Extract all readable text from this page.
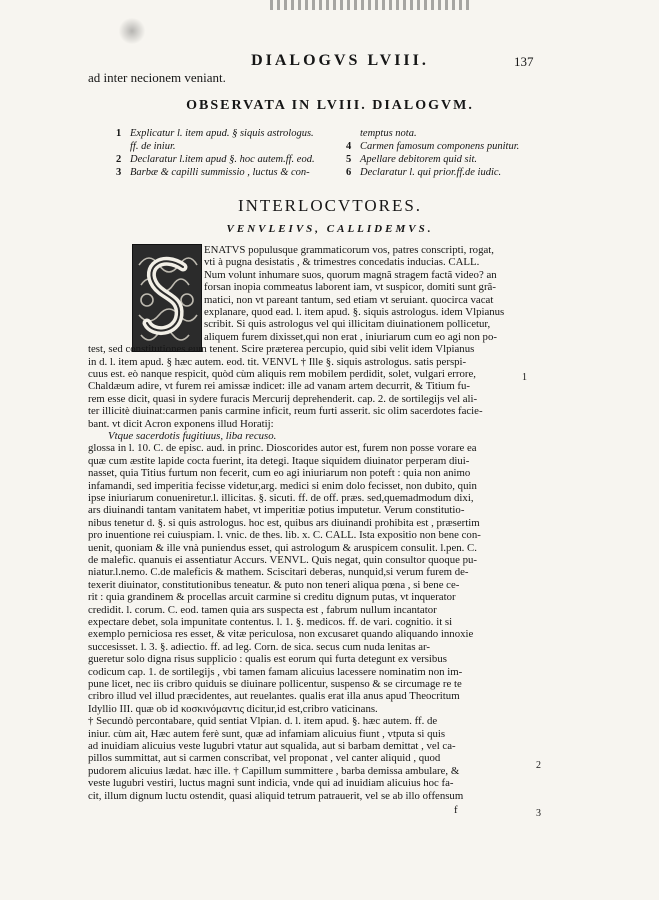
DIALOGVS LVIII.	137
ad inter necionem veniant.
OBSERVATA IN LVIII. DIALOGVM.
1 Explicatur l. item apud. § siquis astrologus.
ff. de iniur.
2 Declaratur l.item apud §. hoc autem.ff. eod.
3 Barbæ & capilli summissio , luctus & con-
temptus nota.
4 Carmen famosum componens punitur.
5 Apellare debitorem quid sit.
6 Declaratur l. qui prior.ff.de iudic.
INTERLOCVTORES.
VENVLEIVS, CALLIDEMVS.
ENATVS populusque grammaticorum vos, patres conscripti, rogat,
vti à pugna desistatis , & trimestres concedatis inducias. CALL.
Num volunt inhumare suos, quorum magnã stragem factã video? an
forsan inopia commeatus laborent iam, vt suspicor, domiti sunt grã-
matici, non vt pareant tantum, sed etiam vt seruiant. quocirca vacat
explanare, quod ead. l. item apud. §. siquis astrologus. idem Vlpianus
scribit. Si quis astrologus vel qui illicitam diuinationem pollicetur,
aliquem furem dixisset,qui non erat , iniuriarum cum eo agi non po-
test, sed constitutiones eum tenent. Scire præterea percupio, quid sibi velit idem Vlpianus
in d. l. item apud. § hæc autem. eod. tit. VENVL † Ille §. siquis astrologus. satis perspi-
cuus est. eò nanque respicit, quòd cùm aliquis rem mobilem perdidit, solet, vulgari errore,
Chaldæum adire, vt furem rei amissæ indicet: ille ad vanam artem decurrit, & Titium fu-
rem esse dicit, quasi in sydere furacis Mercurij deprehenderit. cap. 2. de sortilegijs vel ali-
ter illicitè diuinat:carmen panis carmine inficit, reum furti asserit. sic olim sacerdotes facie-
bant. vt dicit Acron exponens illud Horatij:
Vtque sacerdotis fugitiuus, liba recuso.
glossa in l. 10. C. de episc. aud. in princ. Dioscorides autor est, furem non posse vorare ea
quæ cum æstite lapide cocta fuerint, ita detegi. Itaque siquidem diuinator perperam diui-
nasset, quia Titius furtum non fecerit, cum eo agi iniuriarum non poteft : quia non animo
infamandi, sed imperitia fecisse videtur,arg. medici si enim dolo fecisset, non dubito, quin
ipse iniuriarum conueniretur.l. illicitas. §. sicuti. ff. de off. præs. sed,quemadmodum dixi,
ars diuinandi tantam vanitatem habet, vt imperitiæ potius imputetur. Verum constitutio-
nibus tenetur d. §. si quis astrologus. hoc est, quibus ars diuinandi prohibita est , præsertim
pro inuentione rei cuiuspiam. l. vnic. de thes. lib. x. C. CALL. Ista expositio non bene con-
uenit, quoniam & ille vnà puniendus esset, qui astrologum & aruspicem consulit. l.pen. C.
de malefic. quanuis ei assentiatur Accurs. VENVL. Quis negat, quin consultor quoque pu-
niatur.l.nemo. C.de maleficis & mathem. Sciscitari deberas, nunquid,si verum furem de-
texerit diuinator, constitutionibus teneatur. & puto non teneri aliqua pœna , si bene ce-
rit : quia grandinem & procellas arcuit carmine si creditu dignum putas, vt inquerator
credidit. l. corum. C. eod. tamen quia ars suspecta est , fabrum nullum incantator
expectare debet, sola impunitate contentus. l. 1. §. medicos. ff. de vari. cognitio. it si
exemplo perniciosa res esset, & vitæ periculosa, non excusaret quando aliquando innoxie
succesisset. l. 3. §. adiectio. ff. ad leg. Corn. de sica. secus cum nuda lenitas ar-
gueretur solo digna risus supplicio : qualis est eorum qui furta detegunt ex versibus
codicum cap. 1. de sortilegijs , vbi tamen famam alicuius lacessere nominatim non im-
pune licet, nec iis cribro quiduis se diuinare pollicentur, suspenso & se circumage re te
cribro illud vel illud præcidentes, aut reuelantes. qualis erat illa anus apud Theocritum
Idyllio III. quæ ob id κοσκινόμαντις dicitur,id est,cribro vaticinans.
† Secundò percontabare, quid sentiat Vlpian. d. l. item apud. §. hæc autem. ff. de
iniur. cùm ait, Hæc autem ferè sunt, quæ ad infamiam alicuius fiunt , vtputa si quis
ad inuidiam alicuius veste lugubri vtatur aut squalida, aut si barbam demittat , vel ca-
pillos summittat, aut si carmen conscribat, vel proponat , vel canter aliquid , quod
pudorem alicuius lædat. hæc ille. † Capillum summittere , barba demissa ambulare, &
veste lugubri vestiri, luctus magni sunt indicia, vnde qui ad inuidiam alicuius hoc fa-
cit, illum dignum luctu ostendit, quasi aliquid tetrum patrauerit, vel se ab illo offensum
1
2
3
f
